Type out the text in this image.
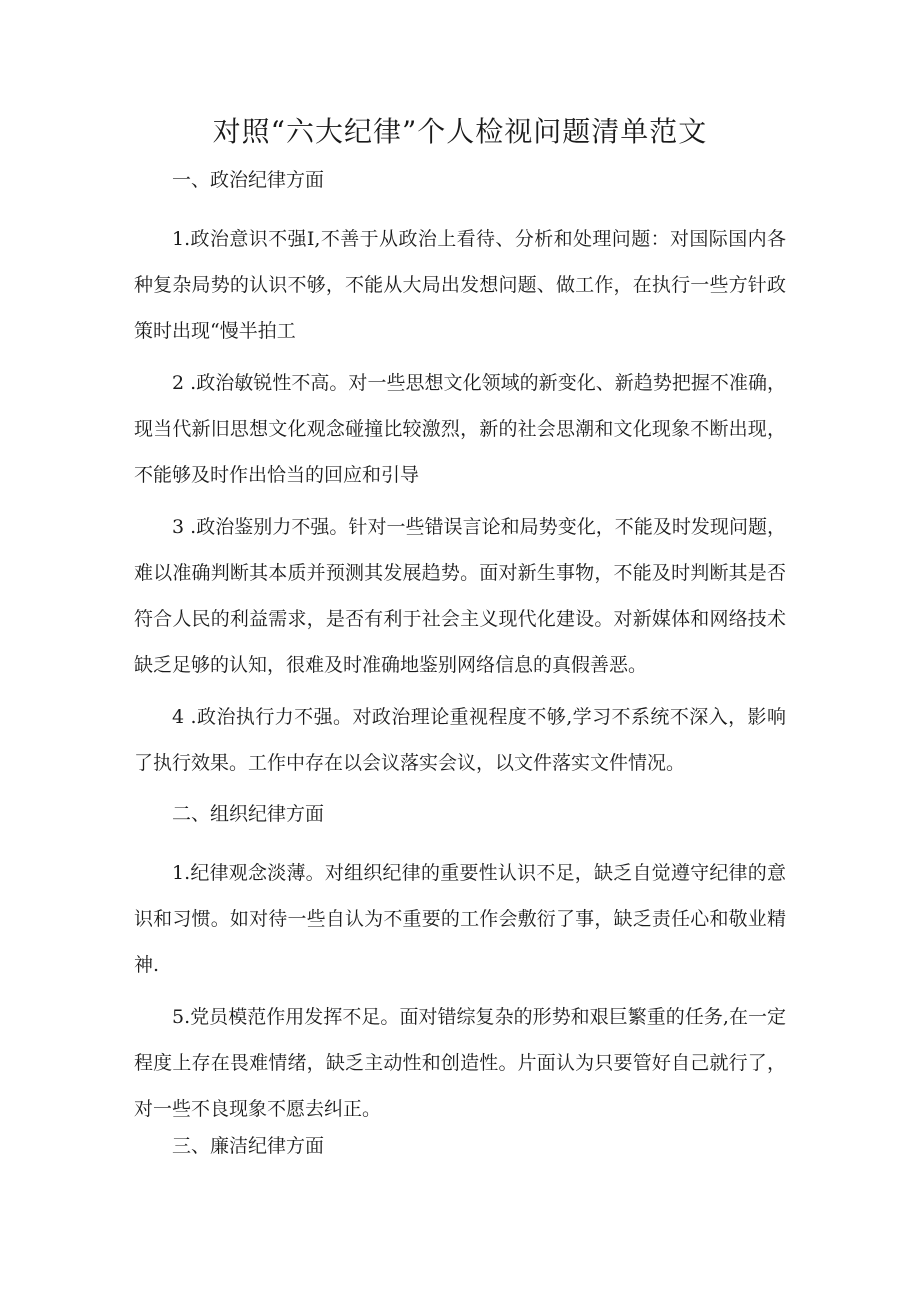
对照“六大纪律”个人检视问题清单范文
一、政治纪律方面

1.政治意识不强I,不善于从政治上看待、分析和处理问题：对国际国内各种复杂局势的认识不够，不能从大局出发想问题、做工作，在执行一些方针政策时出现“慢半拍工

2 .政治敏锐性不高。对一些思想文化领域的新变化、新趋势把握不准确，现当代新旧思想文化观念碰撞比较激烈，新的社会思潮和文化现象不断出现，不能够及时作出恰当的回应和引导

3 .政治鉴别力不强。针对一些错误言论和局势变化，不能及时发现问题，难以准确判断其本质并预测其发展趋势。面对新生事物，不能及时判断其是否符合人民的利益需求，是否有利于社会主义现代化建设。对新媒体和网络技术缺乏足够的认知，很难及时准确地鉴别网络信息的真假善恶。

4 .政治执行力不强。对政治理论重视程度不够,学习不系统不深入，影响了执行效果。工作中存在以会议落实会议，以文件落实文件情况。

二、组织纪律方面

1.纪律观念淡薄。对组织纪律的重要性认识不足，缺乏自觉遵守纪律的意识和习惯。如对待一些自认为不重要的工作会敷衍了事，缺乏责任心和敬业精神.

5.党员模范作用发挥不足。面对错综复杂的形势和艰巨繁重的任务,在一定程度上存在畏难情绪，缺乏主动性和创造性。片面认为只要管好自己就行了，对一些不良现象不愿去纠正。

三、廉洁纪律方面
